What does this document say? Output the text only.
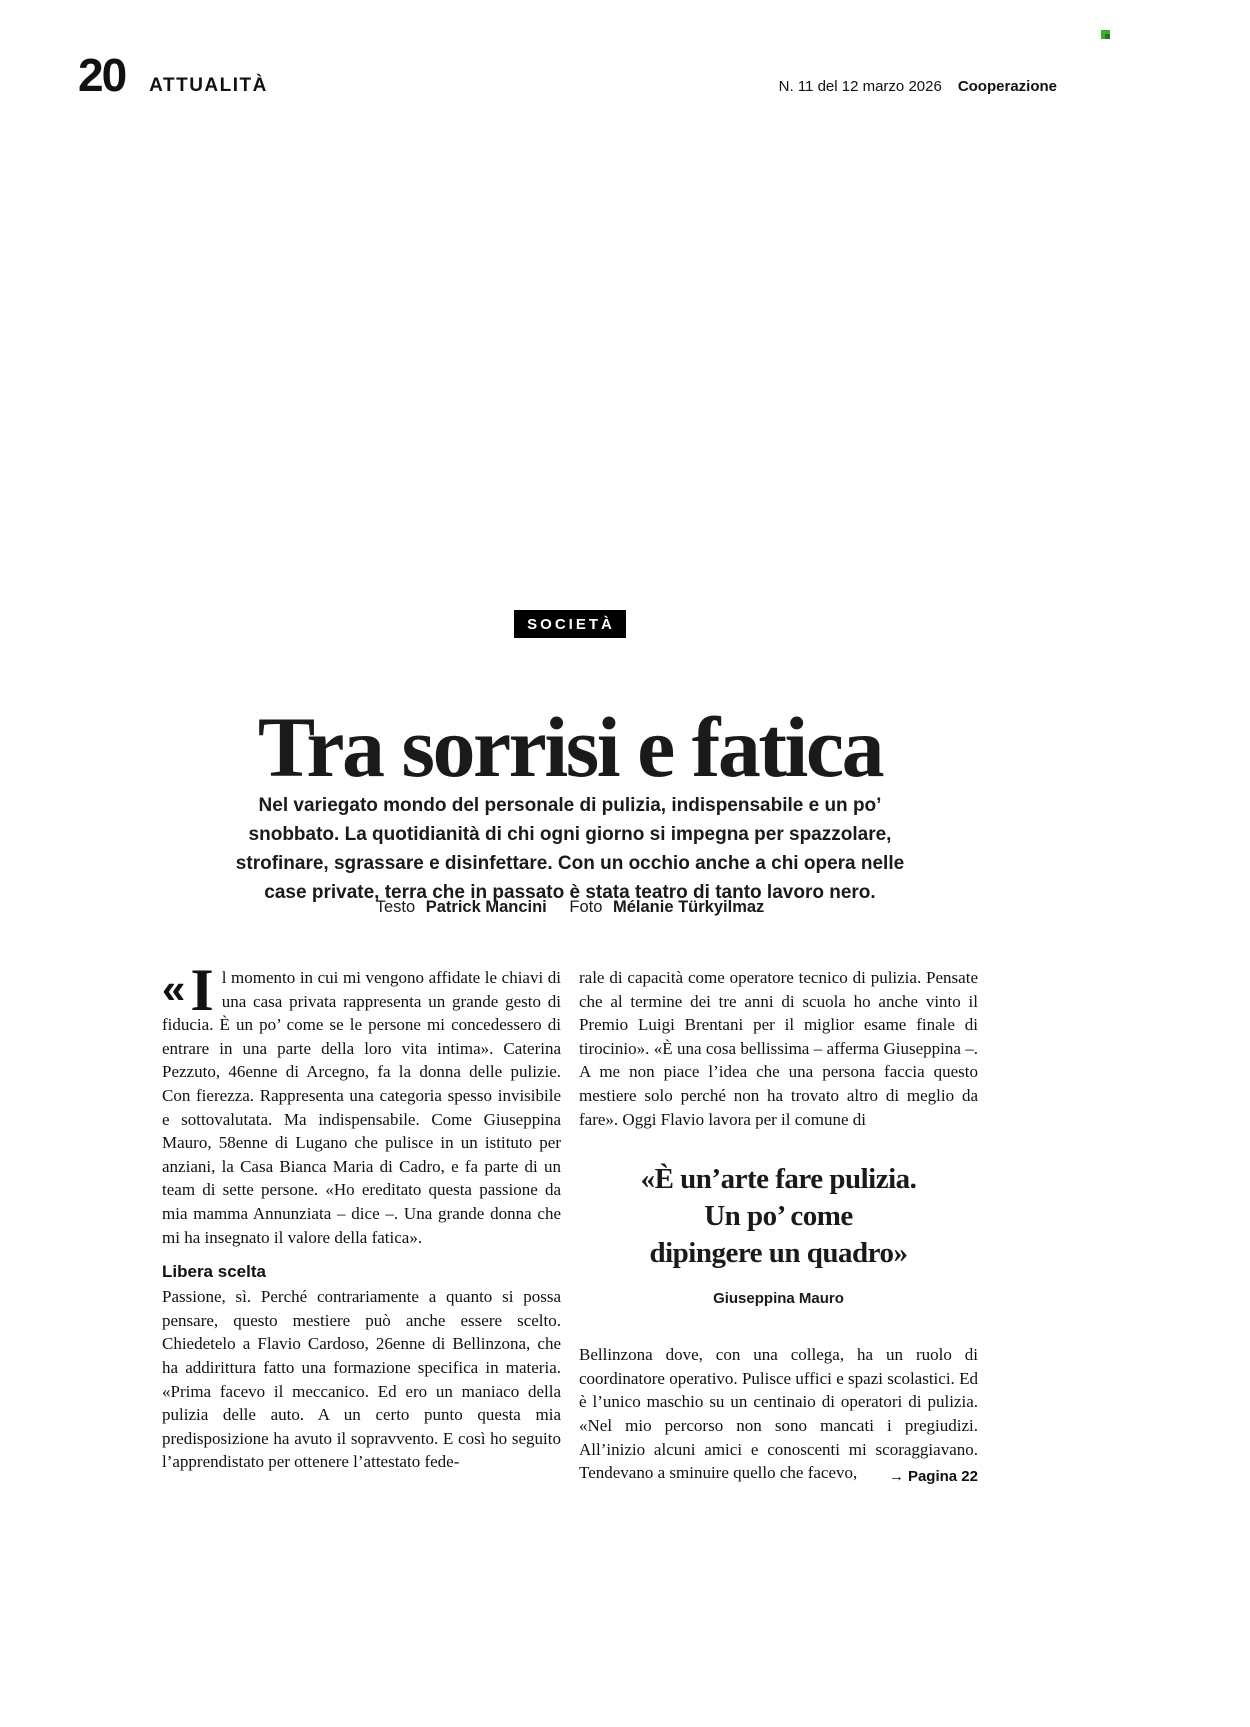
20 ATTUALITÀ	N. 11 del 12 marzo 2026 Cooperazione
SOCIETÀ
Tra sorrisi e fatica

Nel variegato mondo del personale di pulizia, indispensabile e un po’ snobbato. La quotidianità di chi ogni giorno si impegna per spazzolare, strofinare, sgrassare e disinfettare. Con un occhio anche a chi opera nelle case private, terra che in passato è stata teatro di tanto lavoro nero.

Testo Patrick Mancini Foto Mélanie Türkyilmaz

« I l momento in cui mi vengono affidate le chiavi di una casa privata rappresenta un grande gesto di fiducia. È un po’ come se le persone mi concedessero di entrare in una parte della loro vita intima». Caterina Pezzuto, 46enne di Arcegno, fa la donna delle pulizie. Con fierezza. Rappresenta una categoria spesso invisibile e sottovalutata. Ma indispensabile. Come Giuseppina Mauro, 58enne di Lugano che pulisce in un istituto per anziani, la Casa Bianca Maria di Cadro, e fa parte di un team di sette persone. «Ho ereditato questa passione da mia mamma Annunziata – dice –. Una grande donna che mi ha insegnato il valore della fatica».

Libera scelta

Passione, sì. Perché contrariamente a quanto si possa pensare, questo mestiere può anche essere scelto. Chiedetelo a Flavio Cardoso, 26enne di Bellinzona, che ha addirittura fatto una formazione specifica in materia. «Prima facevo il meccanico. Ed ero un maniaco della pulizia delle auto. A un certo punto questa mia predisposizione ha avuto il sopravvento. E così ho seguito l’apprendistato per ottenere l’attestato fede-

rale di capacità come operatore tecnico di pulizia. Pensate che al termine dei tre anni di scuola ho anche vinto il Premio Luigi Brentani per il miglior esame finale di tirocinio». «È una cosa bellissima – afferma Giuseppina –. A me non piace l’idea che una persona faccia questo mestiere solo perché non ha trovato altro di meglio da fare». Oggi Flavio lavora per il comune di

«È un’arte fare pulizia.
Un po’ come
dipingere un quadro»
Giuseppina Mauro

Bellinzona dove, con una collega, ha un ruolo di coordinatore operativo. Pulisce uffici e spazi scolastici. Ed è l’unico maschio su un centinaio di operatori di pulizia. «Nel mio percorso non sono mancati i pregiudizi. All’inizio alcuni amici e conoscenti mi scoraggiavano. Tendevano a sminuire quello che facevo, → Pagina 22
